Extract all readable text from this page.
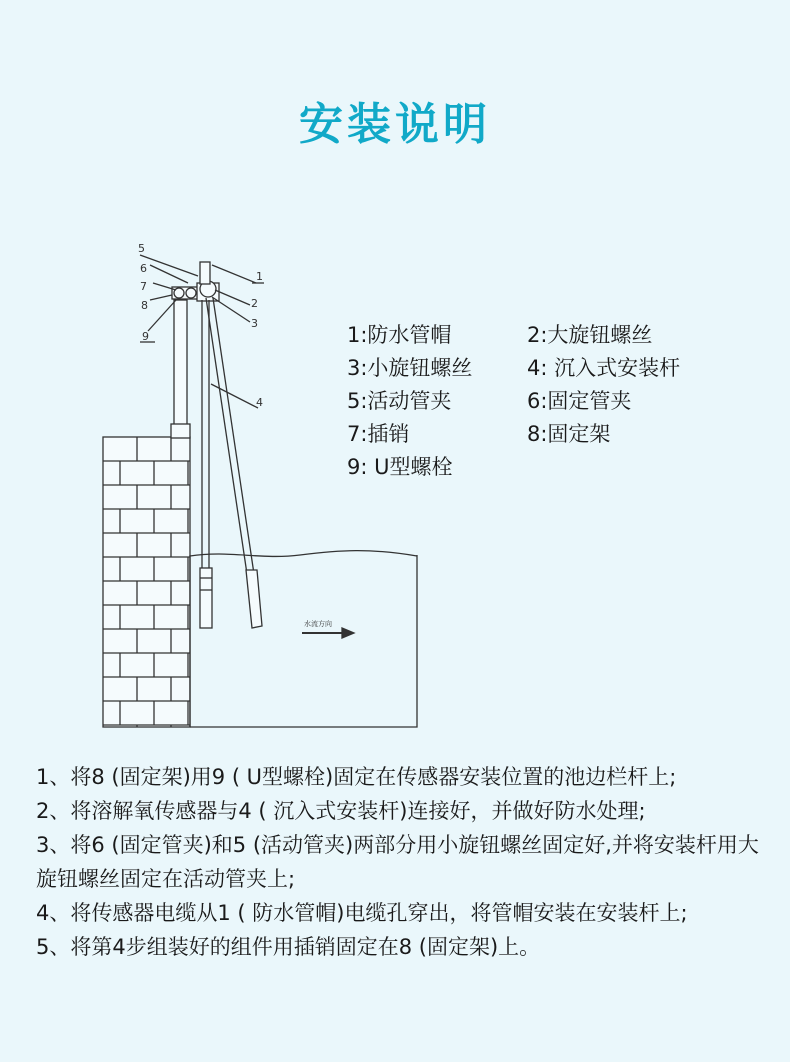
安装说明
5
6
7
8
9
1
2
3
4
水流方向
1:防水管帽	2:大旋钮螺丝
3:小旋钮螺丝	4: 沉入式安装杆
5:活动管夹	6:固定管夹
7:插销	8:固定架
9: U型螺栓

1、将8 (固定架)用9 ( U型螺栓)固定在传感器安装位置的池边栏杆上;

2、将溶解氧传感器与4 ( 沉入式安装杆)连接好，并做好防水处理;

3、将6 (固定管夹)和5 (活动管夹)两部分用小旋钮螺丝固定好,并将安装杆用大旋钮螺丝固定在活动管夹上;

4、将传感器电缆从1 ( 防水管帽)电缆孔穿出，将管帽安装在安装杆上;

5、将第4步组装好的组件用插销固定在8 (固定架)上。
